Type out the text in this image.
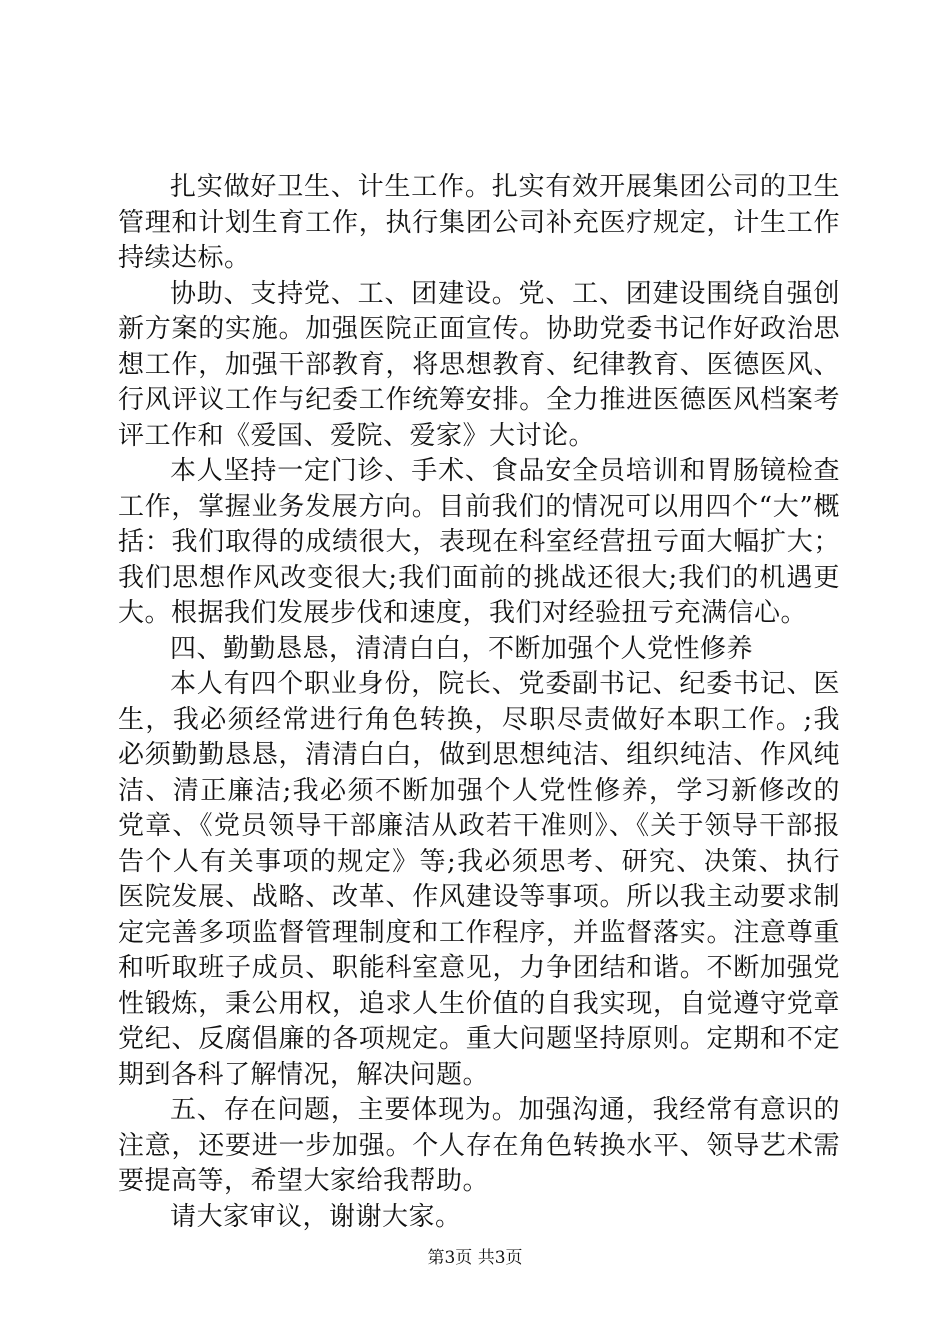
扎实做好卫生、计生工作。扎实有效开展集团公司的卫生管理和计划生育工作，执行集团公司补充医疗规定，计生工作持续达标。

协助、支持党、工、团建设。党、工、团建设围绕自强创新方案的实施。加强医院正面宣传。协助党委书记作好政治思想工作，加强干部教育，将思想教育、纪律教育、医德医风、行风评议工作与纪委工作统筹安排。全力推进医德医风档案考评工作和《爱国、爱院、爱家》大讨论。

本人坚持一定门诊、手术、食品安全员培训和胃肠镜检查工作，掌握业务发展方向。目前我们的情况可以用四个“大”概括：我们取得的成绩很大，表现在科室经营扭亏面大幅扩大；我们思想作风改变很大;我们面前的挑战还很大;我们的机遇更大。根据我们发展步伐和速度，我们对经验扭亏充满信心。

四、勤勤恳恳，清清白白，不断加强个人党性修养

本人有四个职业身份，院长、党委副书记、纪委书记、医生，我必须经常进行角色转换，尽职尽责做好本职工作。;我必须勤勤恳恳，清清白白，做到思想纯洁、组织纯洁、作风纯洁、清正廉洁;我必须不断加强个人党性修养，学习新修改的党章、《党员领导干部廉洁从政若干准则》、《关于领导干部报告个人有关事项的规定》等;我必须思考、研究、决策、执行医院发展、战略、改革、作风建设等事项。所以我主动要求制定完善多项监督管理制度和工作程序，并监督落实。注意尊重和听取班子成员、职能科室意见，力争团结和谐。不断加强党性锻炼，秉公用权，追求人生价值的自我实现，自觉遵守党章党纪、反腐倡廉的各项规定。重大问题坚持原则。定期和不定期到各科了解情况，解决问题。

五、存在问题，主要体现为。加强沟通，我经常有意识的注意，还要进一步加强。个人存在角色转换水平、领导艺术需要提高等，希望大家给我帮助。

请大家审议，谢谢大家。

第3页 共3页
